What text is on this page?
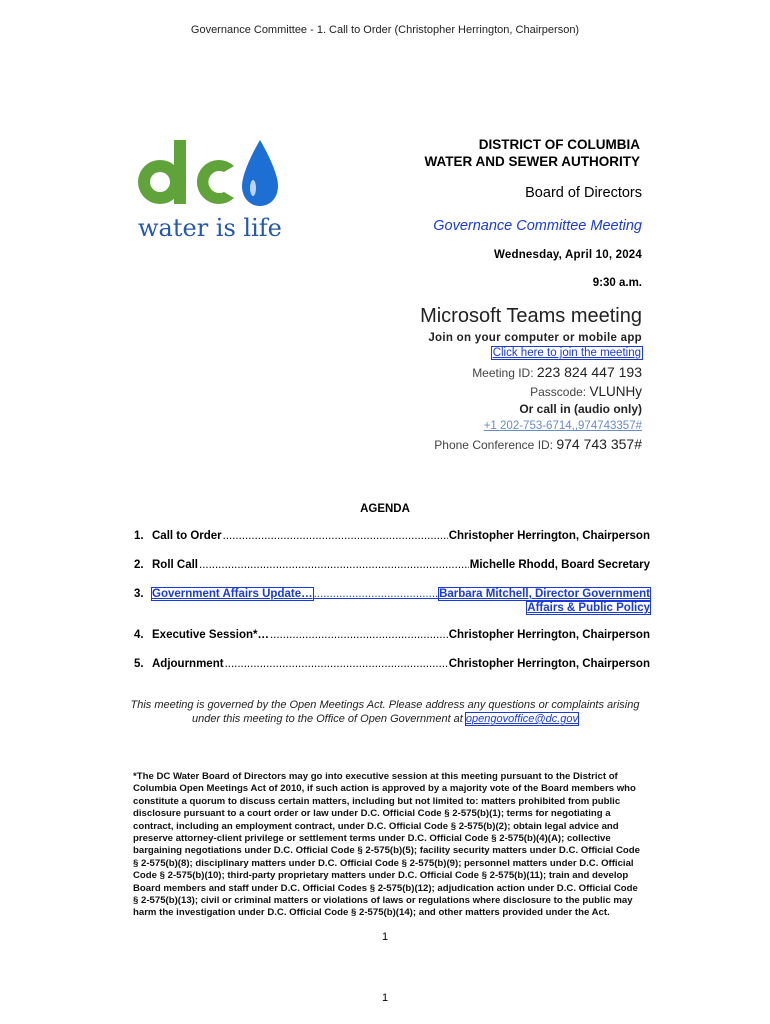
Governance Committee - 1. Call to Order (Christopher Herrington, Chairperson)
water is life
DISTRICT OF COLUMBIA
WATER AND SEWER AUTHORITY
Board of Directors
Governance Committee Meeting
Wednesday, April 10, 2024
9:30 a.m.
Microsoft Teams meeting
Join on your computer or mobile app
Click here to join the meeting
Meeting ID: 223 824 447 193
Passcode: VLUNHy
Or call in (audio only)
+1 202-753-6714,,974743357#
Phone Conference ID: 974 743 357#
AGENDA
1. Call to Order .....	Christopher Herrington, Chairperson
2. Roll Call .....	Michelle Rhodd, Board Secretary
3. Government Affairs Update… .....	Barbara Mitchell, Director Government
Affairs & Public Policy
4. Executive Session*… .....	Christopher Herrington, Chairperson
5. Adjournment .....	Christopher Herrington, Chairperson
This meeting is governed by the Open Meetings Act. Please address any questions or complaints arising under this meeting to the Office of Open Government at opengovoffice@dc.gov
*The DC Water Board of Directors may go into executive session at this meeting pursuant to the District of Columbia Open Meetings Act of 2010, if such action is approved by a majority vote of the Board members who constitute a quorum to discuss certain matters, including but not limited to: matters prohibited from public disclosure pursuant to a court order or law under D.C. Official Code § 2-575(b)(1); terms for negotiating a contract, including an employment contract, under D.C. Official Code § 2-575(b)(2); obtain legal advice and preserve attorney-client privilege or settlement terms under D.C. Official Code § 2-575(b)(4)(A); collective bargaining negotiations under D.C. Official Code § 2-575(b)(5); facility security matters under D.C. Official Code § 2-575(b)(8); disciplinary matters under D.C. Official Code § 2-575(b)(9); personnel matters under D.C. Official Code § 2-575(b)(10); third-party proprietary matters under D.C. Official Code § 2-575(b)(11); train and develop Board members and staff under D.C. Official Codes § 2-575(b)(12); adjudication action under D.C. Official Code § 2-575(b)(13); civil or criminal matters or violations of laws or regulations where disclosure to the public may harm the investigation under D.C. Official Code § 2-575(b)(14); and other matters provided under the Act.
1
1
